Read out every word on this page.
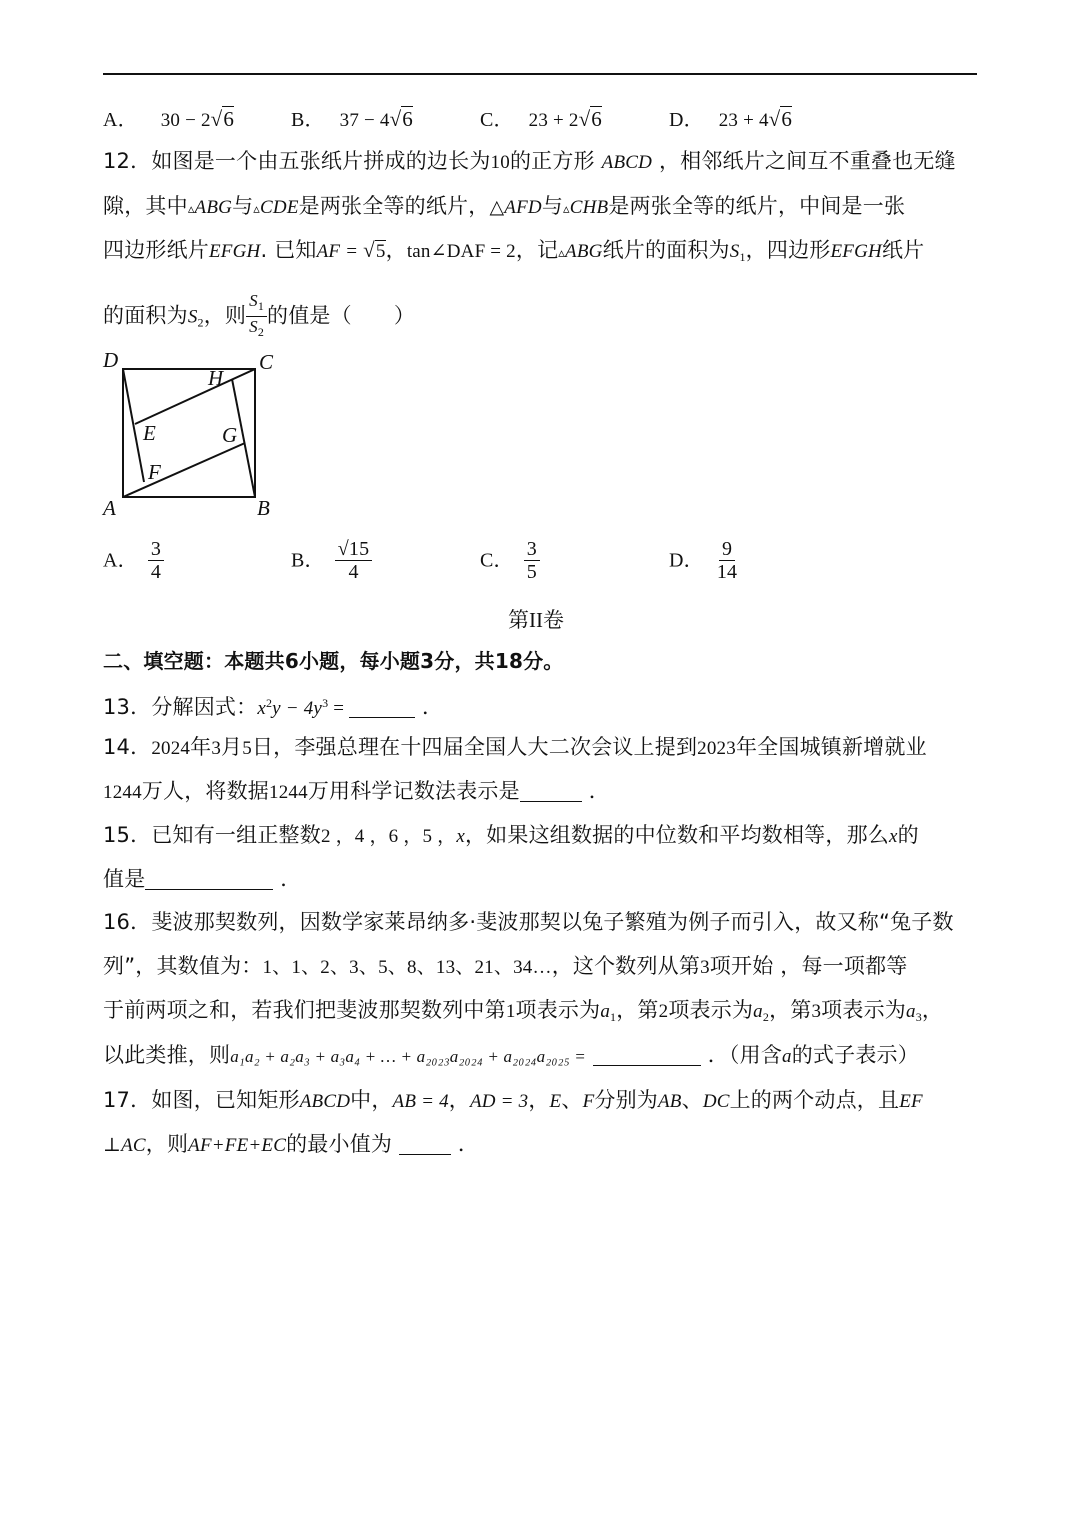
A． 30 − 2√6	B． 37 − 4√6	C． 23 + 2√6	D． 23 + 4√6
12．如图是一个由五张纸片拼成的边长为10的正方形 ABCD ，相邻纸片之间互不重叠也无缝
隙，其中▵ABG与▵CDE是两张全等的纸片，△AFD与▵CHB是两张全等的纸片，中间是一张
四边形纸片EFGH. 已知AF = √5，tan∠DAF = 2，记▵ABG纸片的面积为$S_1$，四边形EFGH纸片
的面积为$S_2$，则 $\frac{S_1}{S_2}$ 的值是（ ）
D	C
H
E	G
F
A	B
A． $\frac{3}{4}$	B． $\frac{√15}{4}$	C． $\frac{3}{5}$	D． $\frac{9}{14}$
第II卷
二、填空题：本题共6小题，每小题3分，共18分。
13．分解因式：$x^2y - 4y^3$ =	．
14．2024年3月5日，李强总理在十四届全国人大二次会议上提到2023年全国城镇新增就业
1244万人，将数据1244万用科学记数法表示是	．
15．已知有一组正整数2 ，4 ，6 ，5 ，x，如果这组数据的中位数和平均数相等，那么x的
值是	．
16．斐波那契数列，因数学家莱昂纳多·斐波那契以兔子繁殖为例子而引入，故又称“兔子数
列”，其数值为：1、1、2、3、5、8、13、21、34…，这个数列从第3项开始 ，每一项都等
于前两项之和，若我们把斐波那契数列中第1项表示为$a_1$，第2项表示为$a_2$，第3项表示为$a_3$，
以此类推，则a₁a₂ + a₂a₃ + a₃a₄ + … + a₂₀₂₃a₂₀₂₄ + a₂₀₂₄a₂₀₂₅ =	．（用含a的式子表示）
17．如图，已知矩形ABCD中，AB = 4，AD = 3，E、F分别为AB、DC上的两个动点，且EF
⊥AC，则AF+FE+EC的最小值为	．
